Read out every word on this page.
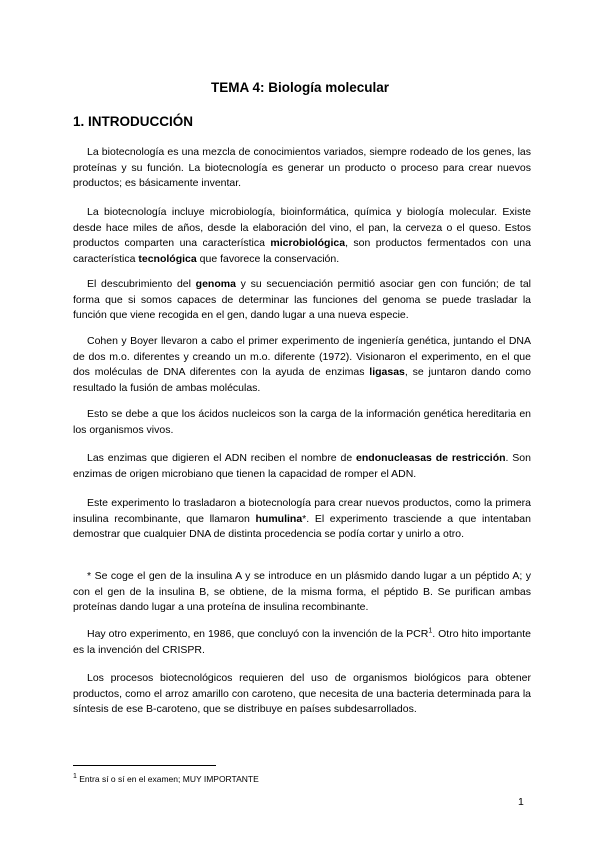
TEMA 4: Biología molecular
1. INTRODUCCIÓN

La biotecnología es una mezcla de conocimientos variados, siempre rodeado de los genes, las proteínas y su función. La biotecnología es generar un producto o proceso para crear nuevos productos; es básicamente inventar.

La biotecnología incluye microbiología, bioinformática, química y biología molecular. Existe desde hace miles de años, desde la elaboración del vino, el pan, la cerveza o el queso. Estos productos comparten una característica microbiológica, son productos fermentados con una característica tecnológica que favorece la conservación.

El descubrimiento del genoma y su secuenciación permitió asociar gen con función; de tal forma que si somos capaces de determinar las funciones del genoma se puede trasladar la función que viene recogida en el gen, dando lugar a una nueva especie.

Cohen y Boyer llevaron a cabo el primer experimento de ingeniería genética, juntando el DNA de dos m.o. diferentes y creando un m.o. diferente (1972). Visionaron el experimento, en el que dos moléculas de DNA diferentes con la ayuda de enzimas ligasas, se juntaron dando como resultado la fusión de ambas moléculas.

Esto se debe a que los ácidos nucleicos son la carga de la información genética hereditaria en los organismos vivos.

Las enzimas que digieren el ADN reciben el nombre de endonucleasas de restricción. Son enzimas de origen microbiano que tienen la capacidad de romper el ADN.

Este experimento lo trasladaron a biotecnología para crear nuevos productos, como la primera insulina recombinante, que llamaron humulina*. El experimento trasciende a que intentaban demostrar que cualquier DNA de distinta procedencia se podía cortar y unirlo a otro.

* Se coge el gen de la insulina A y se introduce en un plásmido dando lugar a un péptido A; y con el gen de la insulina B, se obtiene, de la misma forma, el péptido B. Se purifican ambas proteínas dando lugar a una proteína de insulina recombinante.

Hay otro experimento, en 1986, que concluyó con la invención de la PCR$^1$. Otro hito importante es la invención del CRISPR.

Los procesos biotecnológicos requieren del uso de organismos biológicos para obtener productos, como el arroz amarillo con caroteno, que necesita de una bacteria determinada para la síntesis de ese B-caroteno, que se distribuye en países subdesarrollados.

$^1$ Entra sí o sí en el examen; MUY IMPORTANTE

1
